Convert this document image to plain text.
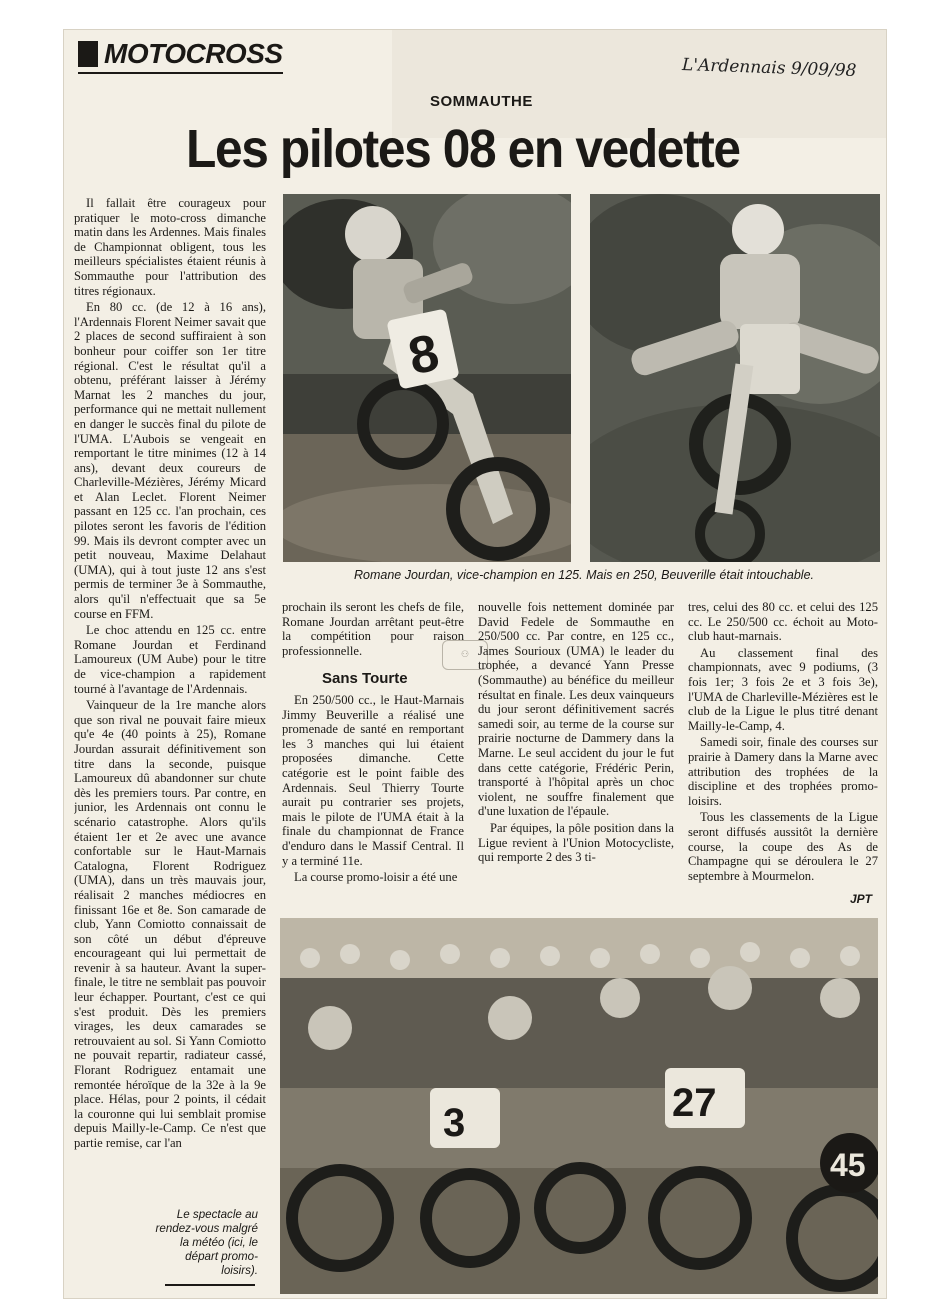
MOTOCROSS	L'Ardennais 9/09/98
SOMMAUTHE
Les pilotes 08 en vedette
8
Romane Jourdan, vice-champion en 125. Mais en 250, Beuverille était intouchable.

Il fallait être courageux pour pratiquer le moto-cross dimanche matin dans les Ardennes. Mais finales de Championnat obligent, tous les meilleurs spécialistes étaient réunis à Sommauthe pour l'attribution des titres régionaux.

En 80 cc. (de 12 à 16 ans), l'Ardennais Florent Neimer savait que 2 places de second suffiraient à son bonheur pour coiffer son 1er titre régional. C'est le résultat qu'il a obtenu, préférant laisser à Jérémy Marnat les 2 manches du jour, performance qui ne mettait nullement en danger le succès final du pilote de l'UMA. L'Aubois se vengeait en remportant le titre minimes (12 à 14 ans), devant deux coureurs de Charleville-Mézières, Jérémy Micard et Alan Leclet. Florent Neimer passant en 125 cc. l'an prochain, ces pilotes seront les favoris de l'édition 99. Mais ils devront compter avec un petit nouveau, Maxime Delahaut (UMA), qui à tout juste 12 ans s'est permis de terminer 3e à Sommauthe, alors qu'il n'effectuait que sa 5e course en FFM.

Le choc attendu en 125 cc. entre Romane Jourdan et Ferdinand Lamoureux (UM Aube) pour le titre de vice-champion a rapidement tourné à l'avantage de l'Ardennais.

Vainqueur de la 1re manche alors que son rival ne pouvait faire mieux qu'e 4e (40 points à 25), Romane Jourdan assurait définitivement son titre dans la seconde, puisque Lamoureux dû abandonner sur chute dès les premiers tours. Par contre, en junior, les Ardennais ont connu le scénario catastrophe. Alors qu'ils étaient 1er et 2e avec une avance confortable sur le Haut-Marnais Catalogna, Florent Rodriguez (UMA), dans un très mauvais jour, réalisait 2 manches médiocres en finissant 16e et 8e. Son camarade de club, Yann Comiotto connaissait de son côté un début d'épreuve encourageant qui lui permettait de revenir à sa hauteur. Avant la super-finale, le titre ne semblait pas pouvoir leur échapper. Pourtant, c'est ce qui s'est produit. Dès les premiers virages, les deux camarades se retrouvaient au sol. Si Yann Comiotto ne pouvait repartir, radiateur cassé, Florant Rodriguez entamait une remontée héroïque de la 32e à la 9e place. Hélas, pour 2 points, il cédait la couronne qui lui semblait promise depuis Mailly-le-Camp. Ce n'est que partie remise, car l'an

prochain ils seront les chefs de file, Romane Jourdan arrêtant peut-être la compétition pour raison professionnelle.

Sans Tourte

En 250/500 cc., le Haut-Marnais Jimmy Beuverille a réalisé une promenade de santé en remportant les 3 manches qui lui étaient proposées dimanche. Cette catégorie est le point faible des Ardennais. Seul Thierry Tourte aurait pu contrarier ses projets, mais le pilote de l'UMA était à la finale du championnat de France d'enduro dans le Massif Central. Il y a terminé 11e.

La course promo-loisir a été une

⚇

nouvelle fois nettement dominée par David Fedele de Sommauthe en 250/500 cc. Par contre, en 125 cc., James Sourioux (UMA) le leader du trophée, a devancé Yann Presse (Sommauthe) au bénéfice du meilleur résultat en finale. Les deux vainqueurs du jour seront définitivement sacrés samedi soir, au terme de la course sur prairie nocturne de Dammery dans la Marne. Le seul accident du jour le fut dans cette catégorie, Frédéric Perin, transporté à l'hôpital après un choc violent, ne souffre finalement que d'une luxation de l'épaule.

Par équipes, la pôle position dans la Ligue revient à l'Union Motocycliste, qui remporte 2 des 3 ti-

tres, celui des 80 cc. et celui des 125 cc. Le 250/500 cc. échoit au Moto-club haut-marnais.

Au classement final des championnats, avec 9 podiums, (3 fois 1er; 3 fois 2e et 3 fois 3e), l'UMA de Charleville-Mézières est le club de la Ligue le plus titré denant Mailly-le-Camp, 4.

Samedi soir, finale des courses sur prairie à Damery dans la Marne avec attribution des trophées de la discipline et des trophées promo-loisirs.

Tous les classements de la Ligue seront diffusés aussitôt la dernière course, la coupe des As de Champagne qui se déroulera le 27 septembre à Mourmelon.

JPT
3	27
45
Le spectacle au rendez-vous malgré la météo (ici, le départ promo-loisirs).
